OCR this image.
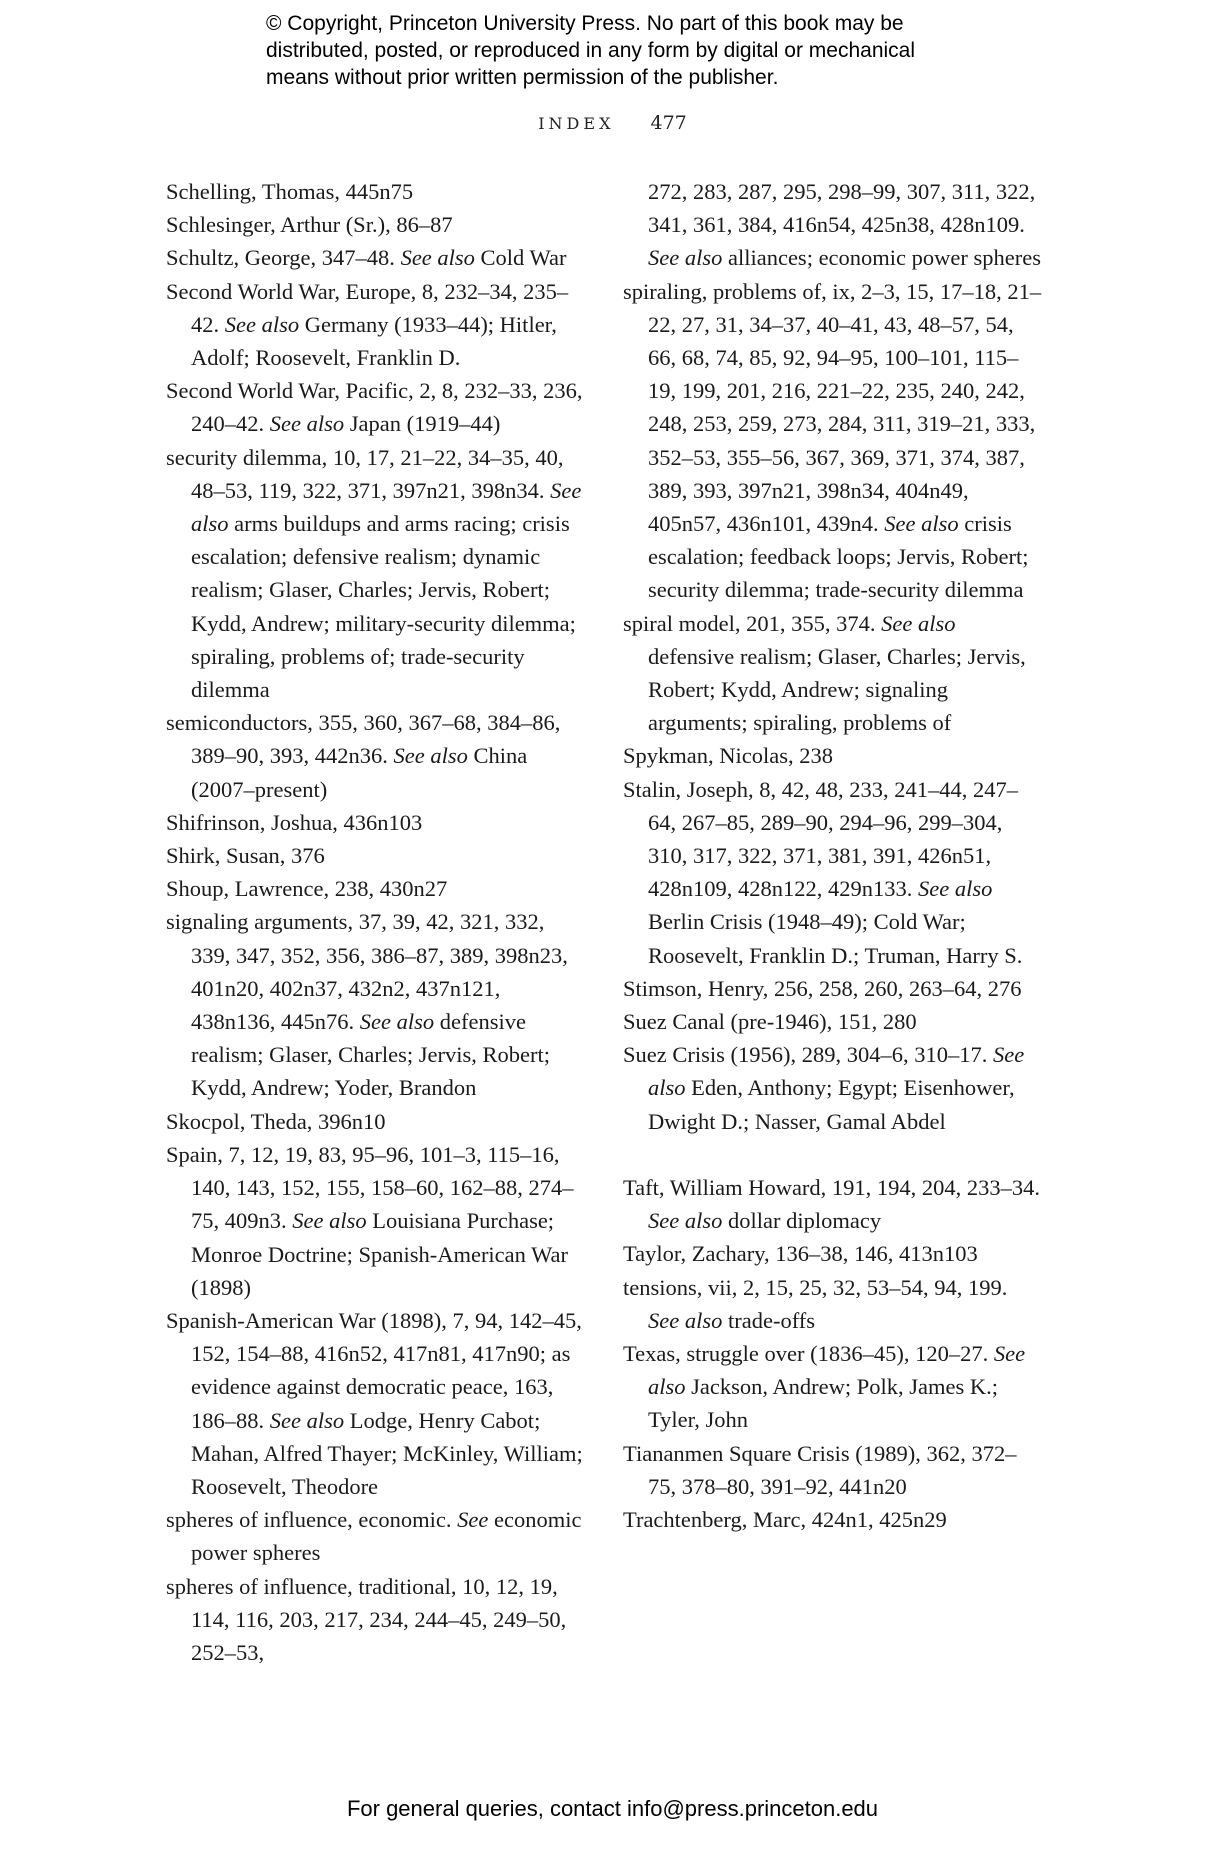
© Copyright, Princeton University Press. No part of this book may be
distributed, posted, or reproduced in any form by digital or mechanical
means without prior written permission of the publisher.
INDEX 477
Schelling, Thomas, 445n75
Schlesinger, Arthur (Sr.), 86–87
Schultz, George, 347–48. See also Cold War
Second World War, Europe, 8, 232–34, 235–42. See also Germany (1933–44); Hitler, Adolf; Roosevelt, Franklin D.
Second World War, Pacific, 2, 8, 232–33, 236, 240–42. See also Japan (1919–44)
security dilemma, 10, 17, 21–22, 34–35, 40, 48–53, 119, 322, 371, 397n21, 398n34. See also arms buildups and arms racing; crisis escalation; defensive realism; dynamic realism; Glaser, Charles; Jervis, Robert; Kydd, Andrew; military-security dilemma; spiraling, problems of; trade-security dilemma
semiconductors, 355, 360, 367–68, 384–86, 389–90, 393, 442n36. See also China (2007–present)
Shifrinson, Joshua, 436n103
Shirk, Susan, 376
Shoup, Lawrence, 238, 430n27
signaling arguments, 37, 39, 42, 321, 332, 339, 347, 352, 356, 386–87, 389, 398n23, 401n20, 402n37, 432n2, 437n121, 438n136, 445n76. See also defensive realism; Glaser, Charles; Jervis, Robert; Kydd, Andrew; Yoder, Brandon
Skocpol, Theda, 396n10
Spain, 7, 12, 19, 83, 95–96, 101–3, 115–16, 140, 143, 152, 155, 158–60, 162–88, 274–75, 409n3. See also Louisiana Purchase; Monroe Doctrine; Spanish-American War (1898)
Spanish-American War (1898), 7, 94, 142–45, 152, 154–88, 416n52, 417n81, 417n90; as evidence against democratic peace, 163, 186–88. See also Lodge, Henry Cabot; Mahan, Alfred Thayer; McKinley, William; Roosevelt, Theodore
spheres of influence, economic. See economic power spheres
spheres of influence, traditional, 10, 12, 19, 114, 116, 203, 217, 234, 244–45, 249–50, 252–53,
272, 283, 287, 295, 298–99, 307, 311, 322, 341, 361, 384, 416n54, 425n38, 428n109. See also alliances; economic power spheres
spiraling, problems of, ix, 2–3, 15, 17–18, 21–22, 27, 31, 34–37, 40–41, 43, 48–57, 54, 66, 68, 74, 85, 92, 94–95, 100–101, 115–19, 199, 201, 216, 221–22, 235, 240, 242, 248, 253, 259, 273, 284, 311, 319–21, 333, 352–53, 355–56, 367, 369, 371, 374, 387, 389, 393, 397n21, 398n34, 404n49, 405n57, 436n101, 439n4. See also crisis escalation; feedback loops; Jervis, Robert; security dilemma; trade-security dilemma
spiral model, 201, 355, 374. See also defensive realism; Glaser, Charles; Jervis, Robert; Kydd, Andrew; signaling arguments; spiraling, problems of
Spykman, Nicolas, 238
Stalin, Joseph, 8, 42, 48, 233, 241–44, 247–64, 267–85, 289–90, 294–96, 299–304, 310, 317, 322, 371, 381, 391, 426n51, 428n109, 428n122, 429n133. See also Berlin Crisis (1948–49); Cold War; Roosevelt, Franklin D.; Truman, Harry S.
Stimson, Henry, 256, 258, 260, 263–64, 276
Suez Canal (pre-1946), 151, 280
Suez Crisis (1956), 289, 304–6, 310–17. See also Eden, Anthony; Egypt; Eisenhower, Dwight D.; Nasser, Gamal Abdel
Taft, William Howard, 191, 194, 204, 233–34. See also dollar diplomacy
Taylor, Zachary, 136–38, 146, 413n103
tensions, vii, 2, 15, 25, 32, 53–54, 94, 199. See also trade-offs
Texas, struggle over (1836–45), 120–27. See also Jackson, Andrew; Polk, James K.; Tyler, John
Tiananmen Square Crisis (1989), 362, 372–75, 378–80, 391–92, 441n20
Trachtenberg, Marc, 424n1, 425n29
For general queries, contact info@press.princeton.edu
